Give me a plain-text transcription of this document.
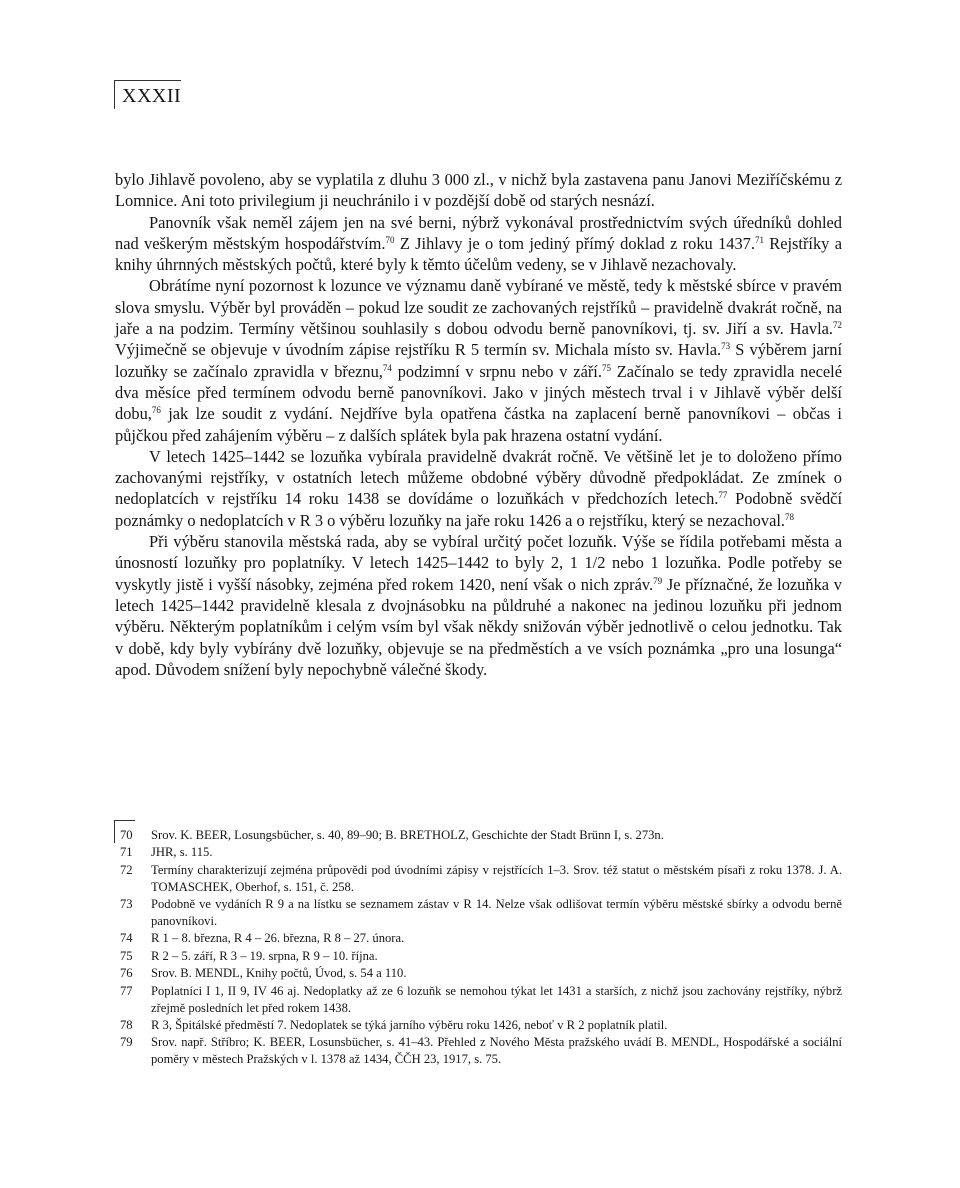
XXXII

bylo Jihlavě povoleno, aby se vyplatila z dluhu 3 000 zl., v nichž byla zastavena panu Janovi Meziříčskému z Lomnice. Ani toto privilegium ji neuchránilo i v pozdější době od starých nesnází.

Panovník však neměl zájem jen na své berni, nýbrž vykonával prostřednictvím svých úředníků dohled nad veškerým městským hospodářstvím.$^{70}$ Z Jihlavy je o tom jediný přímý doklad z roku 1437.71 Rejstříky a knihy úhrnných městských počtů, které byly k těmto účelům vedeny, se v Jihlavě nezachovaly.

Obrátíme nyní pozornost k lozunce ve významu daně vybírané ve městě, tedy k městské sbírce v pravém slova smyslu. Výběr byl prováděn – pokud lze soudit ze zachovaných rejstříků – pravidelně dvakrát ročně, na jaře a na podzim. Termíny většinou souhlasily s dobou odvodu berně panovníkovi, tj. sv. Jiří a sv. Havla.$^{72}$ Výjimečně se objevuje v úvodním zápise rejstříku R 5 termín sv. Michala místo sv. Havla.$^{73}$ S výběrem jarní lozuňky se začínalo zpravidla v březnu,$^{74}$ podzimní v srpnu nebo v září.$^{75}$ Začínalo se tedy zpravidla necelé dva měsíce před termínem odvodu berně panovníkovi. Jako v jiných městech trval i v Jihlavě výběr delší dobu,$^{76}$ jak lze soudit z vydání. Nejdříve byla opatřena částka na zaplacení berně panovníkovi – občas i půjčkou před zahájením výběru – z dalších splátek byla pak hrazena ostatní vydání.

V letech 1425–1442 se lozuňka vybírala pravidelně dvakrát ročně. Ve většině let je to doloženo přímo zachovanými rejstříky, v ostatních letech můžeme obdobné výběry důvodně předpokládat. Ze zmínek o nedoplatcích v rejstříku 14 roku 1438 se dovídáme o lozuňkách v předchozích letech.$^{77}$ Podobně svědčí poznámky o nedoplatcích v R 3 o výběru lozuňky na jaře roku 1426 a o rejstříku, který se nezachoval.$^{78}$

Při výběru stanovila městská rada, aby se vybíral určitý počet lozuňk. Výše se řídila potřebami města a únosností lozuňky pro poplatníky. V letech 1425–1442 to byly 2, 1 1/2 nebo 1 lozuňka. Podle potřeby se vyskytly jistě i vyšší násobky, zejména před rokem 1420, není však o nich zpráv.$^{79}$ Je příznačné, že lozuňka v letech 1425–1442 pravidelně klesala z dvojnásobku na půldruhé a nakonec na jedinou lozuňku při jednom výběru. Některým poplatníkům i celým vsím byl však někdy snižován výběr jednotlivě o celou jednotku. Tak v době, kdy byly vybírány dvě lozuňky, objevuje se na předměstích a ve vsích poznámka „pro una losunga“ apod. Důvodem snížení byly nepochybně válečné škody.

70	Srov. K. BEER, Losungsbücher, s. 40, 89–90; B. BRETHOLZ, Geschichte der Stadt Brünn I, s. 273n.
71	JHR, s. 115.
72	Termíny charakterizují zejména průpovědi pod úvodními zápisy v rejstřících 1–3. Srov. též statut o městském písaři z roku 1378. J. A. TOMASCHEK, Oberhof, s. 151, č. 258.
73	Podobně ve vydáních R 9 a na lístku se seznamem zástav v R 14. Nelze však odlišovat termín výběru městské sbírky a odvodu berně panovníkovi.
74	R 1 – 8. března, R 4 – 26. března, R 8 – 27. února.
75	R 2 – 5. září, R 3 – 19. srpna, R 9 – 10. října.
76	Srov. B. MENDL, Knihy počtů, Úvod, s. 54 a 110.
77	Poplatníci I 1, II 9, IV 46 aj. Nedoplatky až ze 6 lozuňk se nemohou týkat let 1431 a starších, z nichž jsou zachovány rejstříky, nýbrž zřejmě posledních let před rokem 1438.
78	R 3, Špitálské předměstí 7. Nedoplatek se týká jarního výběru roku 1426, neboť v R 2 poplatník platil.
79	Srov. např. Stříbro; K. BEER, Losunsbücher, s. 41–43. Přehled z Nového Města pražského uvádí B. MENDL, Hospodářské a sociální poměry v městech Pražských v l. 1378 až 1434, ČČH 23, 1917, s. 75.
